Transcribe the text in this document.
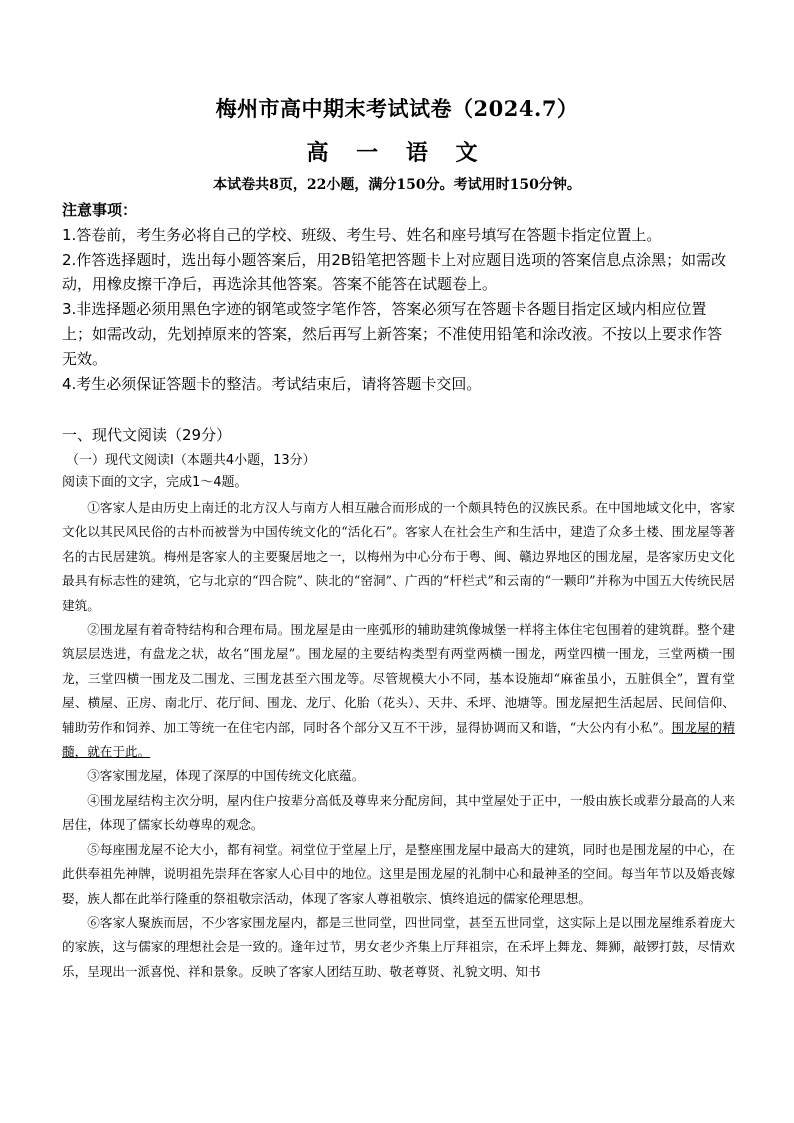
梅州市高中期末考试试卷（2024.7）
高 一 语 文
本试卷共8页，22小题，满分150分。考试用时150分钟。

注意事项：

1.答卷前，考生务必将自己的学校、班级、考生号、姓名和座号填写在答题卡指定位置上。

2.作答选择题时，选出每小题答案后，用2B铅笔把答题卡上对应题目选项的答案信息点涂黑；如需改动，用橡皮擦干净后，再选涂其他答案。答案不能答在试题卷上。

3.非选择题必须用黑色字迹的钢笔或签字笔作答，答案必须写在答题卡各题目指定区域内相应位置上；如需改动，先划掉原来的答案，然后再写上新答案；不准使用铅笔和涂改液。不按以上要求作答无效。

4.考生必须保证答题卡的整洁。考试结束后，请将答题卡交回。

一、现代文阅读（29分）
（一）现代文阅读Ⅰ（本题共4小题，13分）
阅读下面的文字，完成1～4题。

①客家人是由历史上南迁的北方汉人与南方人相互融合而形成的一个颇具特色的汉族民系。在中国地域文化中，客家文化以其民风民俗的古朴而被誉为中国传统文化的“活化石”。客家人在社会生产和生活中，建造了众多土楼、围龙屋等著名的古民居建筑。梅州是客家人的主要聚居地之一，以梅州为中心分布于粤、闽、赣边界地区的围龙屋，是客家历史文化最具有标志性的建筑，它与北京的“四合院”、陕北的“窑洞”、广西的“杆栏式”和云南的“一颗印”并称为中国五大传统民居建筑。

②围龙屋有着奇特结构和合理布局。围龙屋是由一座弧形的辅助建筑像城堡一样将主体住宅包围着的建筑群。整个建筑层层迭进，有盘龙之状，故名“围龙屋”。围龙屋的主要结构类型有两堂两横一围龙，两堂四横一围龙，三堂两横一围龙，三堂四横一围龙及二围龙、三围龙甚至六围龙等。尽管规模大小不同，基本设施却“麻雀虽小，五脏俱全”，置有堂屋、横屋、正房、南北厅、花厅间、围龙、龙厅、化胎（花头）、天井、禾坪、池塘等。围龙屋把生活起居、民间信仰、辅助劳作和饲养、加工等统一在住宅内部，同时各个部分又互不干涉，显得协调而又和谐，“大公内有小私”。围龙屋的精髓，就在于此。

③客家围龙屋，体现了深厚的中国传统文化底蕴。

④围龙屋结构主次分明，屋内住户按辈分高低及尊卑来分配房间，其中堂屋处于正中，一般由族长或辈分最高的人来居住，体现了儒家长幼尊卑的观念。

⑤每座围龙屋不论大小，都有祠堂。祠堂位于堂屋上厅，是整座围龙屋中最高大的建筑，同时也是围龙屋的中心，在此供奉祖先神牌，说明祖先崇拜在客家人心目中的地位。这里是围龙屋的礼制中心和最神圣的空间。每当年节以及婚丧嫁娶，族人都在此举行隆重的祭祖敬宗活动，体现了客家人尊祖敬宗、慎终追远的儒家伦理思想。

⑥客家人聚族而居，不少客家围龙屋内，都是三世同堂，四世同堂，甚至五世同堂，这实际上是以围龙屋维系着庞大的家族，这与儒家的理想社会是一致的。逢年过节，男女老少齐集上厅拜祖宗，在禾坪上舞龙、舞狮，敲锣打鼓，尽情欢乐，呈现出一派喜悦、祥和景象。反映了客家人团结互助、敬老尊贤、礼貌文明、知书
